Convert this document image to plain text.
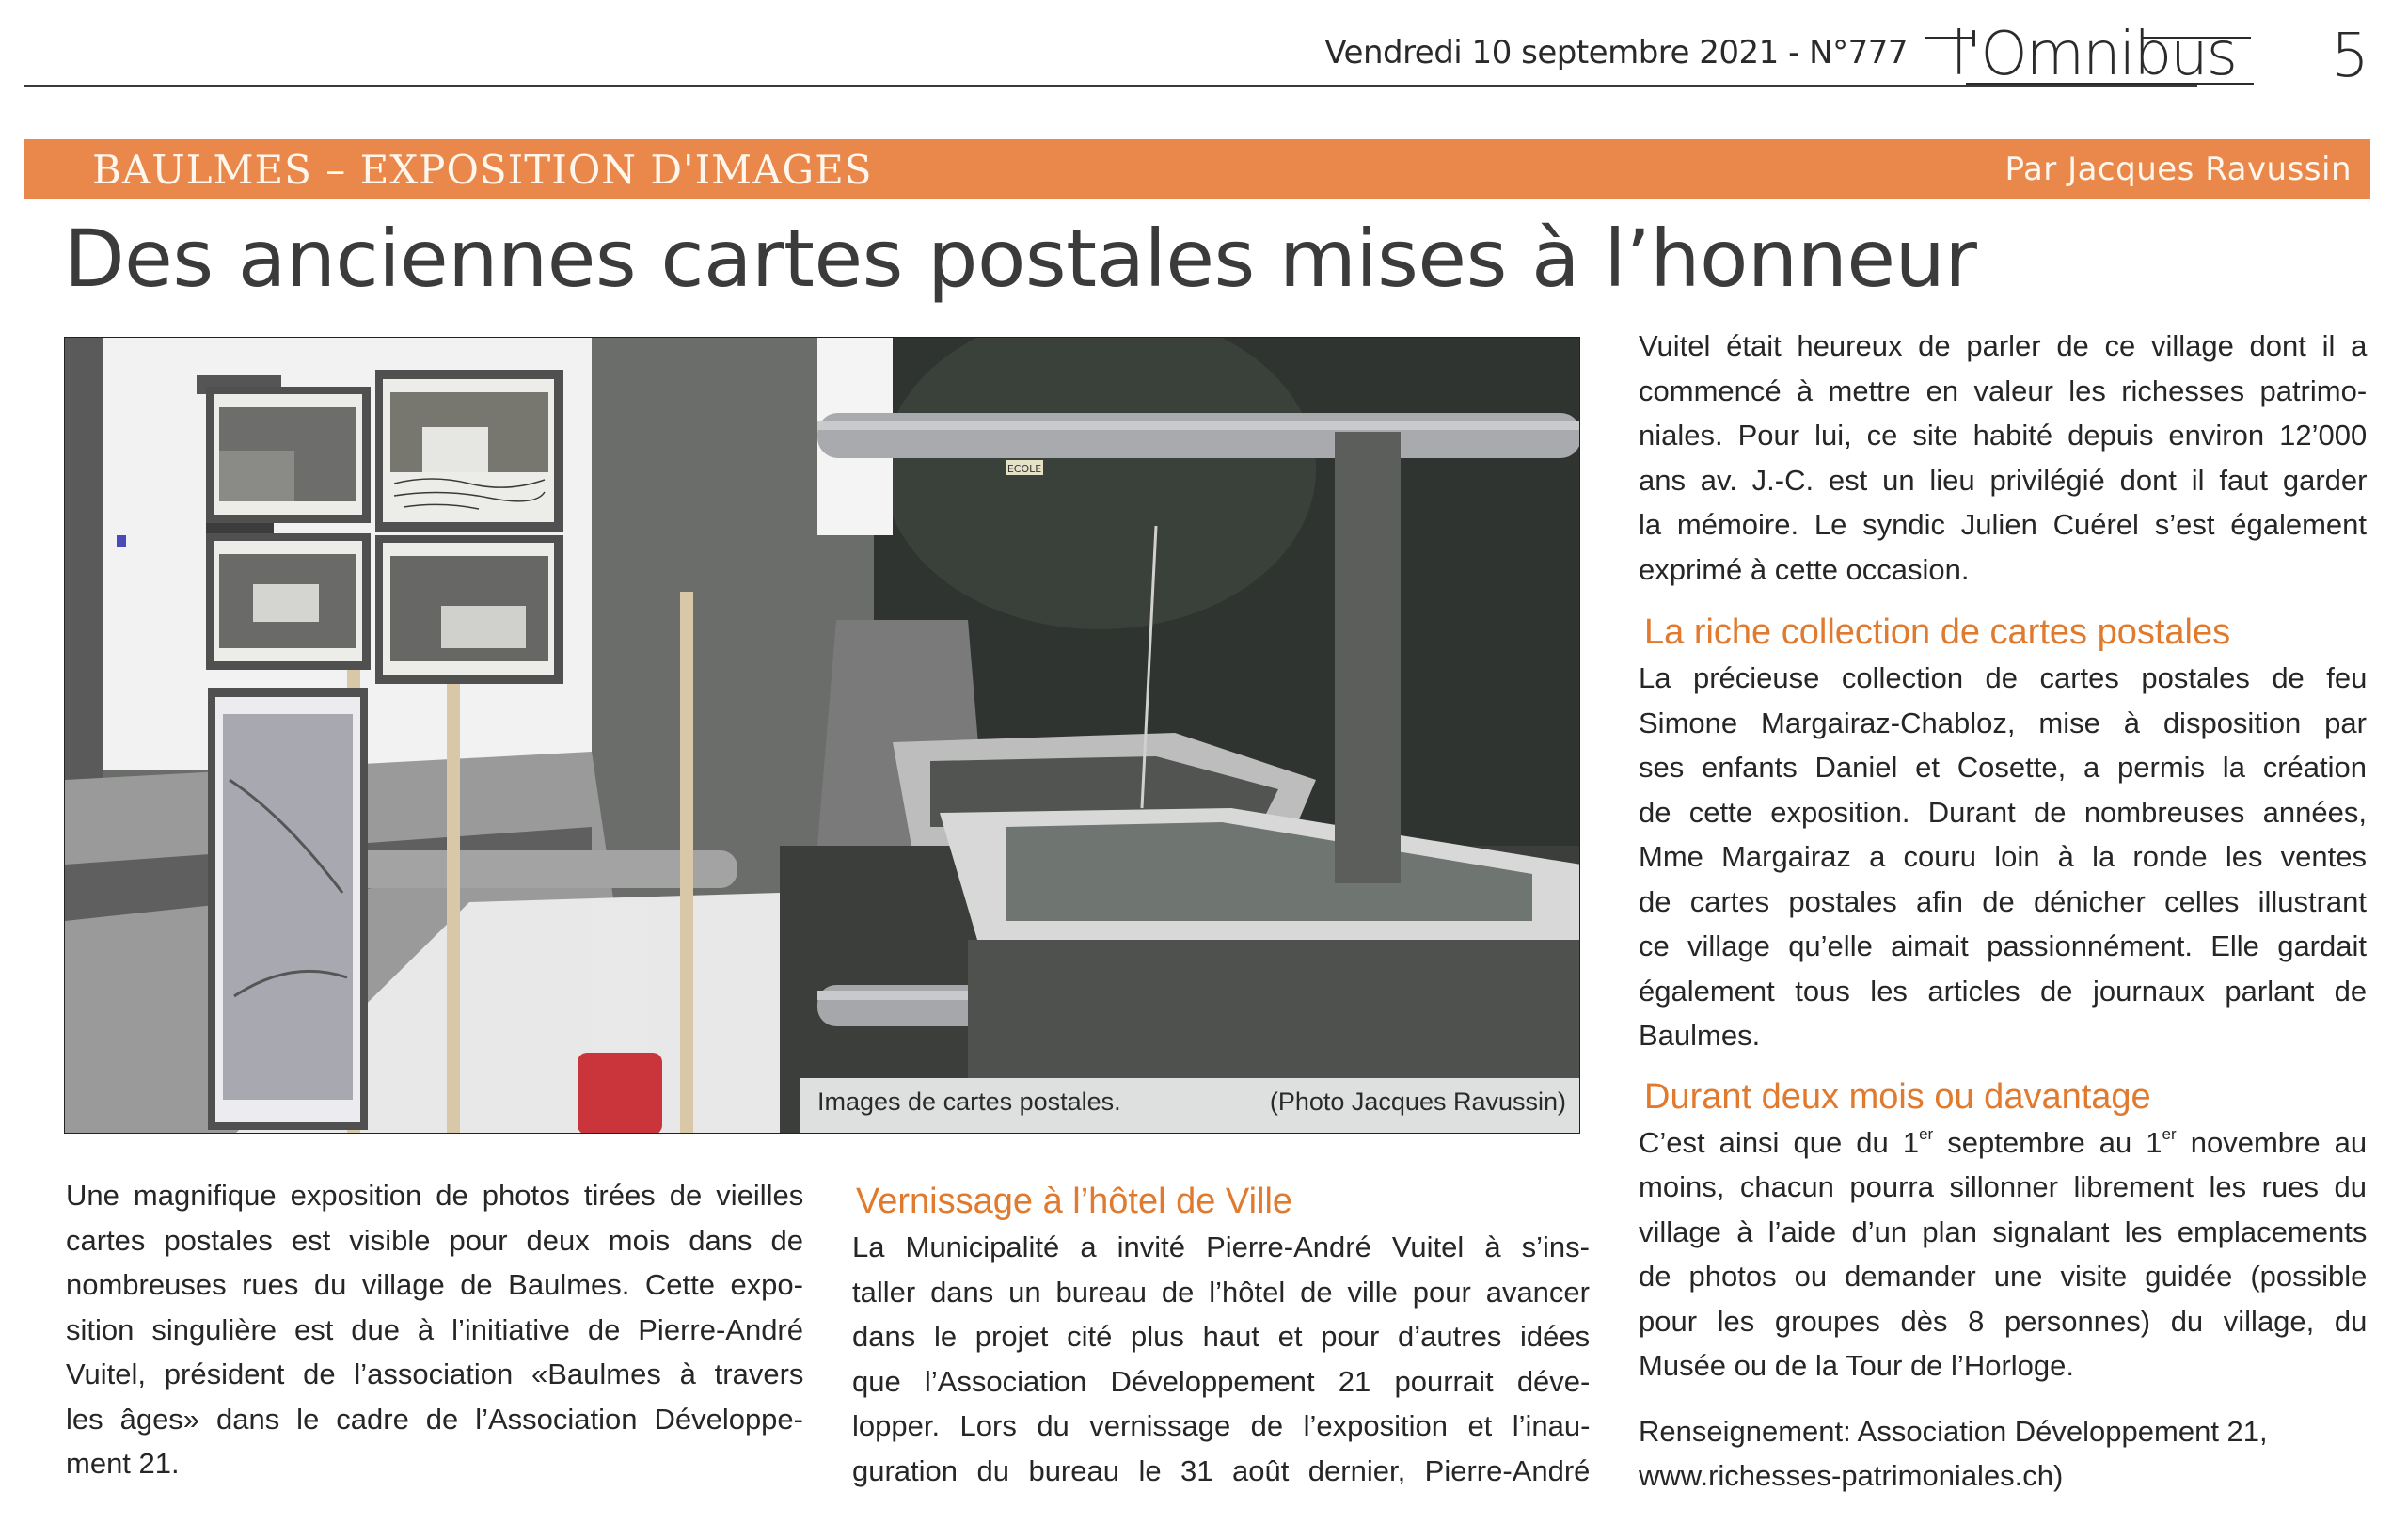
Vendredi 10 septembre 2021 - N°777 l'Omnibus 5
BAULMES – EXPOSITION D'IMAGES	Par Jacques Ravussin
Des anciennes cartes postales mises à l’honneur
ECOLE
Images de cartes postales.	(Photo Jacques Ravussin)

Vuitel était heureux de parler de ce village dont il a
commencé à mettre en valeur les richesses patrimo-
niales. Pour lui, ce site habité depuis environ 12’000
ans av. J.-C. est un lieu privilégié dont il faut garder
la mémoire. Le syndic Julien Cuérel s’est également
exprimé à cette occasion.

La riche collection de cartes postales

La précieuse collection de cartes postales de feu
Simone Margairaz-Chabloz, mise à disposition par
ses enfants Daniel et Cosette, a permis la création
de cette exposition. Durant de nombreuses années,
Mme Margairaz a couru loin à la ronde les ventes
de cartes postales afin de dénicher celles illustrant
ce village qu’elle aimait passionnément. Elle gardait
également tous les articles de journaux parlant de
Baulmes.

Durant deux mois ou davantage

C’est ainsi que du 1er septembre au 1er novembre au
moins, chacun pourra sillonner librement les rues du
village à l’aide d’un plan signalant les emplacements
de photos ou demander une visite guidée (possible
pour les groupes dès 8 personnes) du village, du
Musée ou de la Tour de l’Horloge.

Renseignement: Association Développement 21,
www.richesses-patrimoniales.ch)

Une magnifique exposition de photos tirées de vieilles
cartes postales est visible pour deux mois dans de
nombreuses rues du village de Baulmes. Cette expo-
sition singulière est due à l’initiative de Pierre-André
Vuitel, président de l’association «Baulmes à travers
les âges» dans le cadre de l’Association Développe-
ment 21.

Vernissage à l’hôtel de Ville

La Municipalité a invité Pierre-André Vuitel à s’ins-
taller dans un bureau de l’hôtel de ville pour avancer
dans le projet cité plus haut et pour d’autres idées
que l’Association Développement 21 pourrait déve-
lopper. Lors du vernissage de l’exposition et l’inau-
guration du bureau le 31 août dernier, Pierre-André
